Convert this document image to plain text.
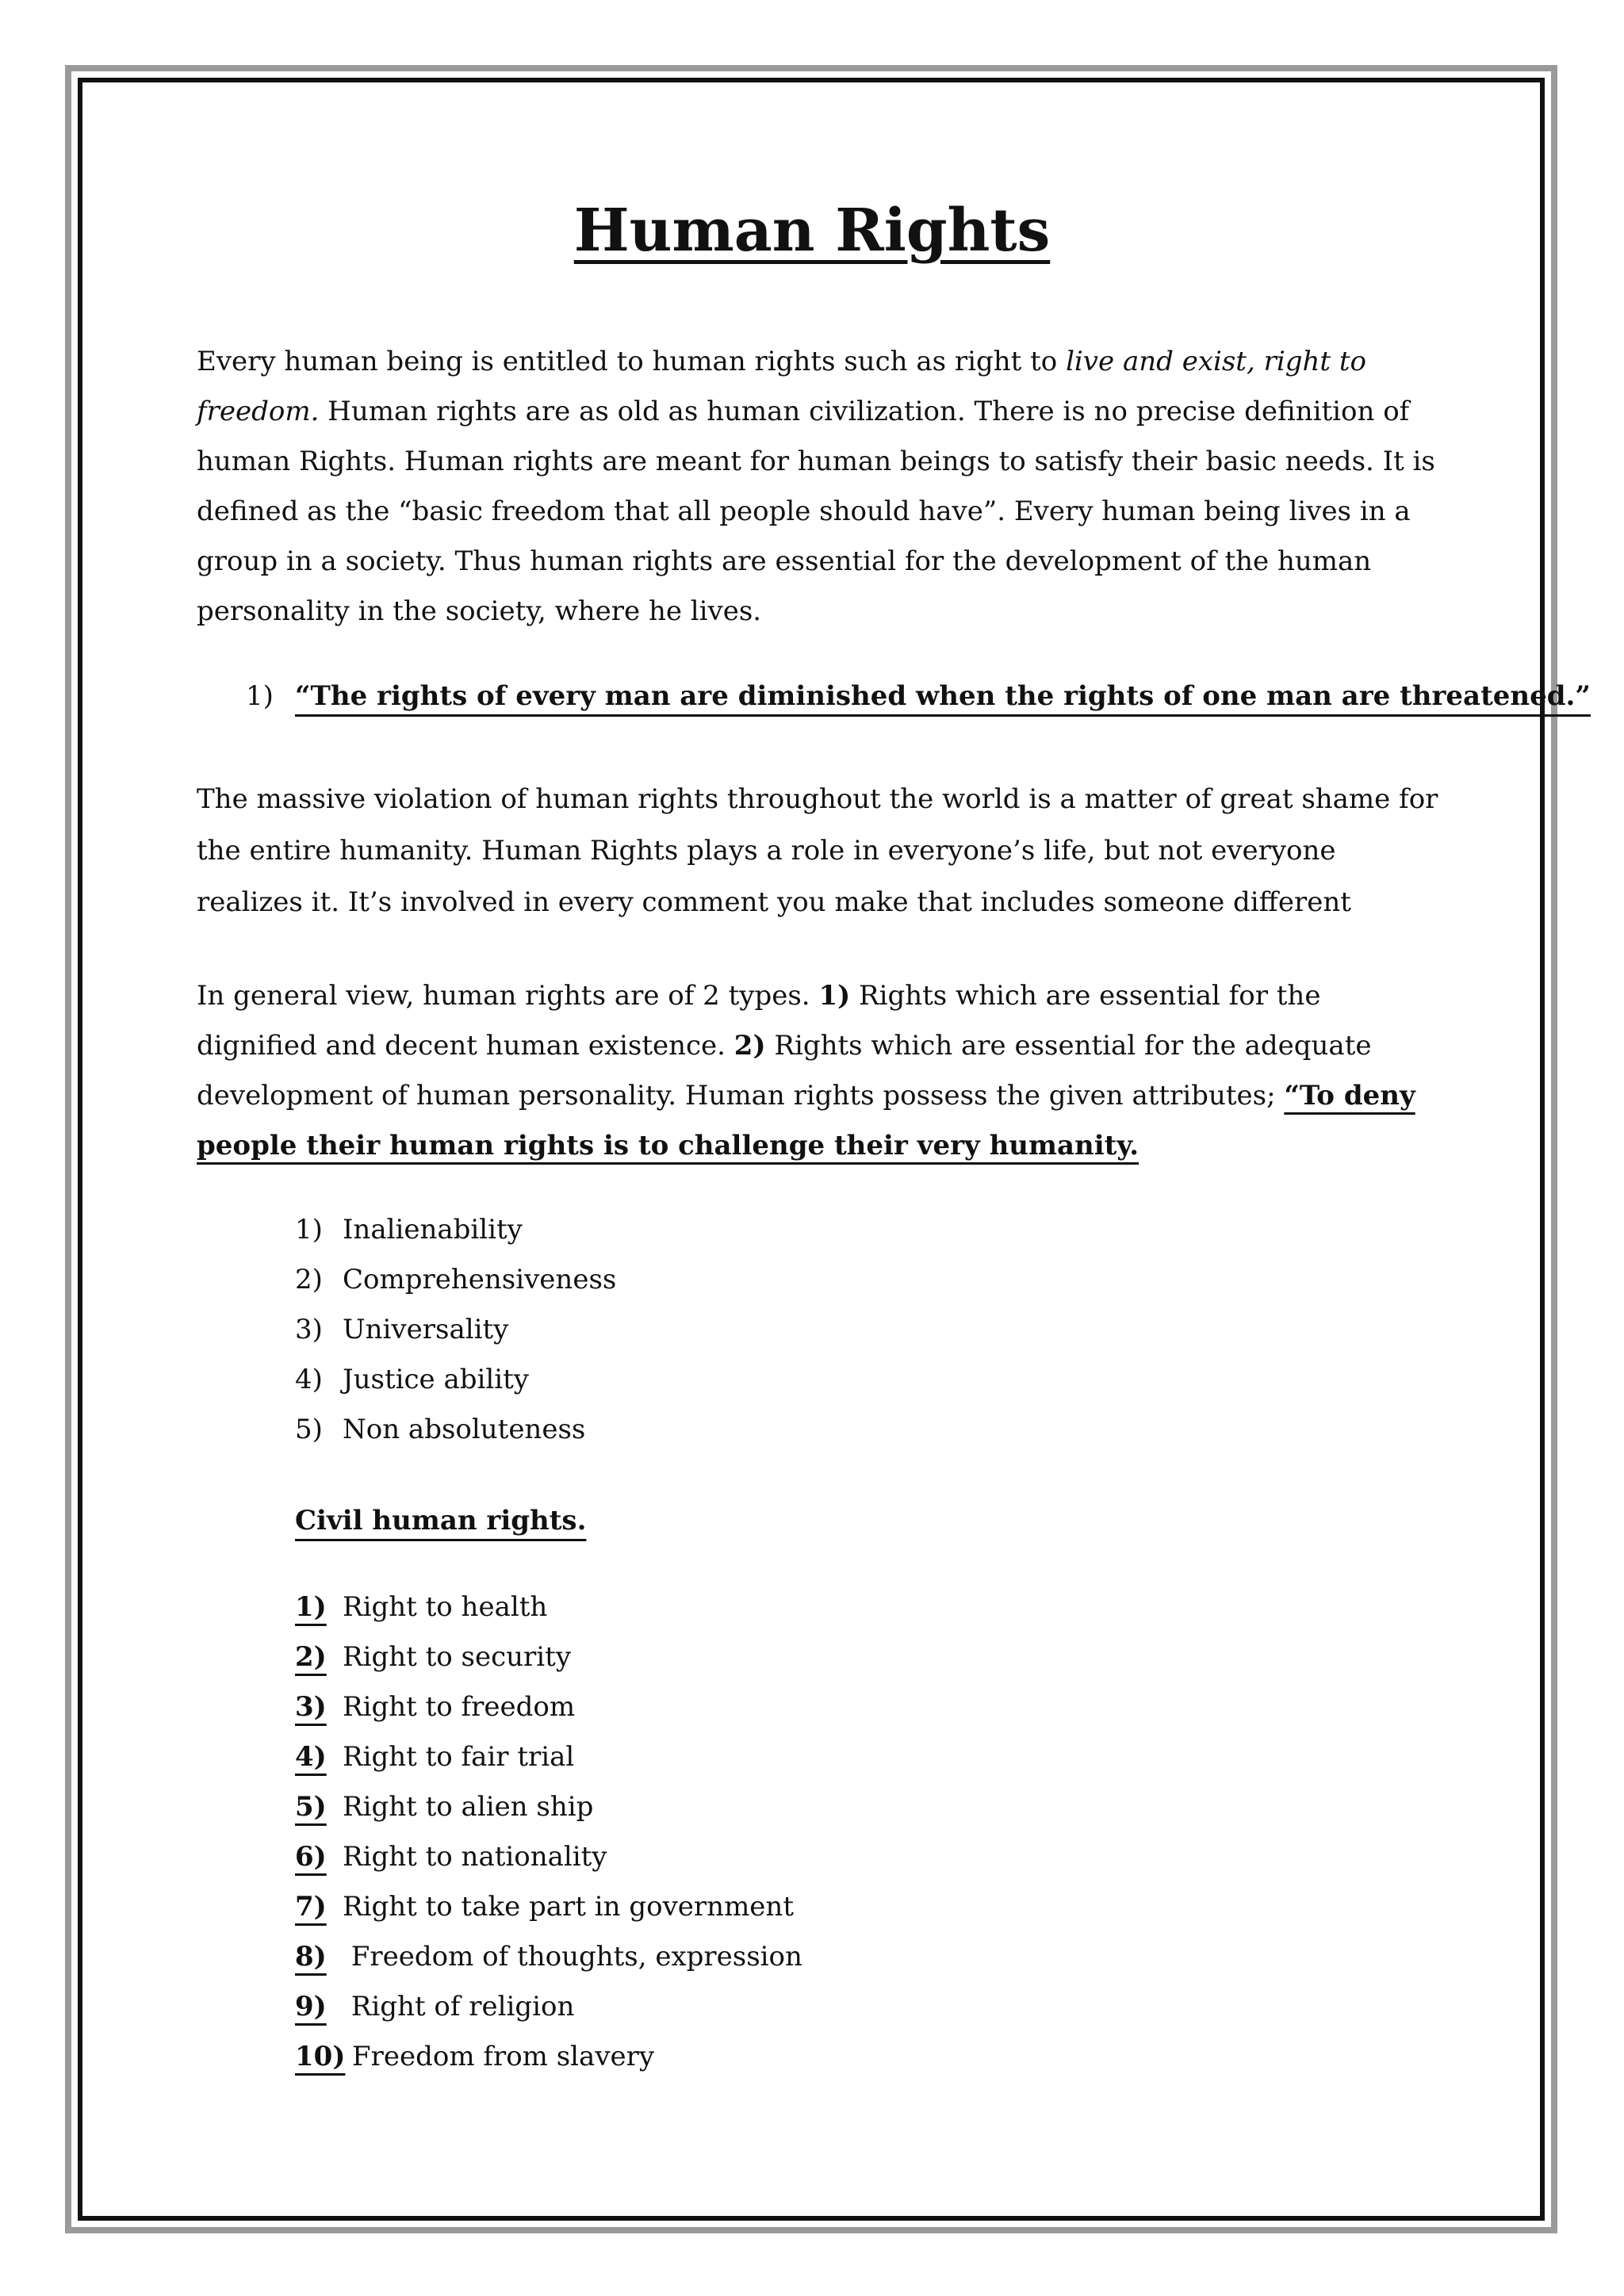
Human Rights

Every human being is entitled to human rights such as right to live and exist, right to freedom. Human rights are as old as human civilization. There is no precise definition of human Rights. Human rights are meant for human beings to satisfy their basic needs. It is defined as the “basic freedom that all people should have”. Every human being lives in a group in a society. Thus human rights are essential for the development of the human personality in the society, where he lives.

1) “The rights of every man are diminished when the rights of one man are threatened.”

The massive violation of human rights throughout the world is a matter of great shame for the entire humanity. Human Rights plays a role in everyone’s life, but not everyone realizes it. It’s involved in every comment you make that includes someone different

In general view, human rights are of 2 types. 1) Rights which are essential for the dignified and decent human existence. 2) Rights which are essential for the adequate development of human personality. Human rights possess the given attributes; “To deny people their human rights is to challenge their very humanity.

1) Inalienability
2) Comprehensiveness
3) Universality
4) Justice ability
5) Non absoluteness
Civil human rights.
1) Right to health
2) Right to security
3) Right to freedom
4) Right to fair trial
5) Right to alien ship
6) Right to nationality
7) Right to take part in government
8) Freedom of thoughts, expression
9) Right of religion
10) Freedom from slavery
